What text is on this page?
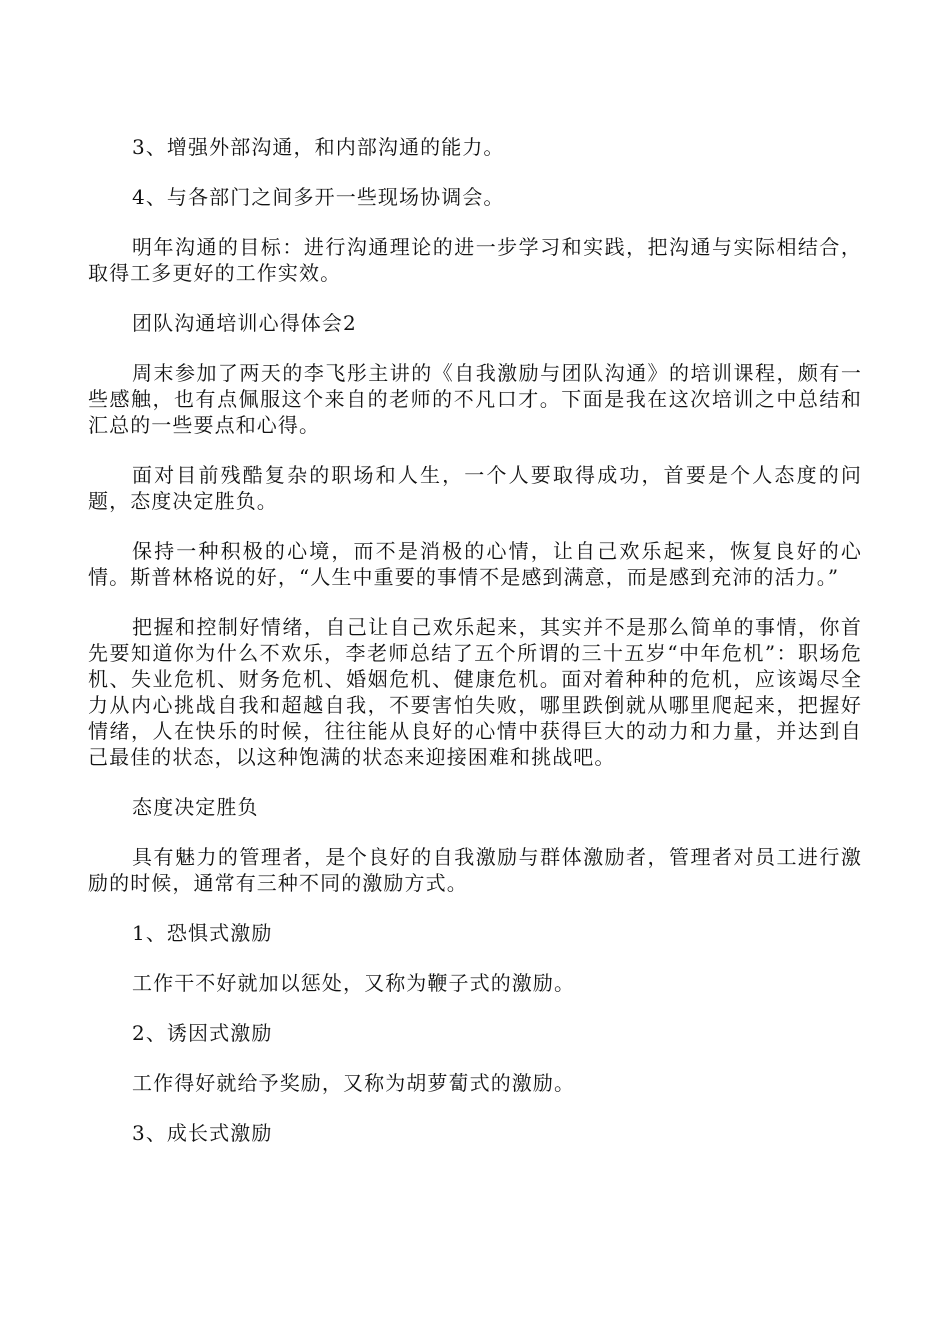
3、增强外部沟通，和内部沟通的能力。

4、与各部门之间多开一些现场协调会。

明年沟通的目标：进行沟通理论的进一步学习和实践，把沟通与实际相结合，取得工多更好的工作实效。

团队沟通培训心得体会2

周末参加了两天的李飞彤主讲的《自我激励与团队沟通》的培训课程，颇有一些感触，也有点佩服这个来自的老师的不凡口才。下面是我在这次培训之中总结和汇总的一些要点和心得。

面对目前残酷复杂的职场和人生，一个人要取得成功，首要是个人态度的问题，态度决定胜负。

保持一种积极的心境，而不是消极的心情，让自己欢乐起来，恢复良好的心情。斯普林格说的好，“人生中重要的事情不是感到满意，而是感到充沛的活力。”

把握和控制好情绪，自己让自己欢乐起来，其实并不是那么简单的事情，你首先要知道你为什么不欢乐，李老师总结了五个所谓的三十五岁“中年危机”：职场危机、失业危机、财务危机、婚姻危机、健康危机。面对着种种的危机，应该竭尽全力从内心挑战自我和超越自我，不要害怕失败，哪里跌倒就从哪里爬起来，把握好情绪，人在快乐的时候，往往能从良好的心情中获得巨大的动力和力量，并达到自己最佳的状态，以这种饱满的状态来迎接困难和挑战吧。

态度决定胜负

具有魅力的管理者，是个良好的自我激励与群体激励者，管理者对员工进行激励的时候，通常有三种不同的激励方式。

1、恐惧式激励

工作干不好就加以惩处，又称为鞭子式的激励。

2、诱因式激励

工作得好就给予奖励，又称为胡萝蔔式的激励。

3、成长式激励
